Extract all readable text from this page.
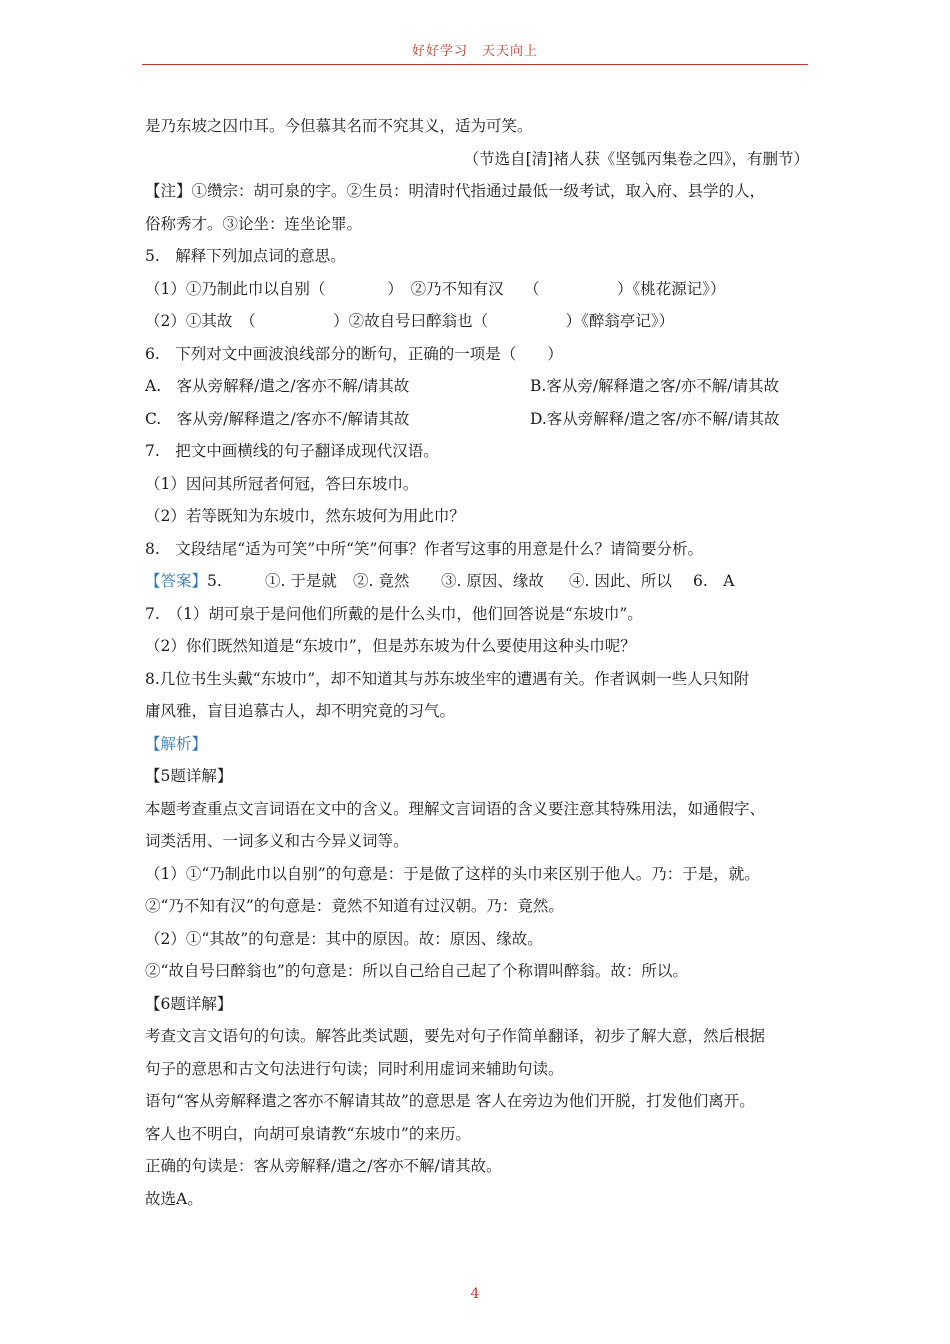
好好学习　天天向上
是乃东坡之囚巾耳。今但慕其名而不究其义，适为可笑。
（节选自[清]褚人获《坚瓠丙集卷之四》，有删节）
【注】①缵宗：胡可泉的字。②生员：明清时代指通过最低一级考试，取入府、县学的人，
俗称秀才。③论坐：连坐论罪。
5.　解释下列加点词的意思。
（1）①乃制此巾以自别（　　　　）　②乃不知有汉　 （　　　　　）《桃花源记》）
（2）①其故　（　　　　　）②故自号曰醉翁也（　　　　　）《醉翁亭记》）
6.　下列对文中画波浪线部分的断句，正确的一项是（　　）
A.　客从旁解释/遣之/客亦不解/请其故	B.客从旁/解释遣之客/亦不解/请其故
C.　客从旁/解释遣之/客亦不/解请其故	D.客从旁解释/遣之客/亦不解/请其故
7.　把文中画横线的句子翻译成现代汉语。
（1）因问其所冠者何冠，答曰东坡巾。
（2）若等既知为东坡巾，然东坡何为用此巾？
8.　文段结尾“适为可笑”中所“笑”何事？作者写这事的用意是什么？请简要分析。
【答案】 5.	①. 于是就	②. 竟然	③. 原因、缘故	④. 因此、所以	6.　A
7.　（1）胡可泉于是问他们所戴的是什么头巾，他们回答说是“东坡巾”。
（2）你们既然知道是“东坡巾”，但是苏东坡为什么要使用这种头巾呢？
8.几位书生头戴“东坡巾”，却不知道其与苏东坡坐牢的遭遇有关。作者讽刺一些人只知附
庸风雅，盲目追慕古人，却不明究竟的习气。
【解析】
【5题详解】
本题考查重点文言词语在文中的含义。理解文言词语的含义要注意其特殊用法，如通假字、
词类活用、一词多义和古今异义词等。
（1）①“乃制此巾以自别”的句意是：于是做了这样的头巾来区别于他人。乃：于是，就。
②“乃不知有汉”的句意是：竟然不知道有过汉朝。乃：竟然。
（2）①“其故”的句意是：其中的原因。故：原因、缘故。
②“故自号曰醉翁也”的句意是：所以自己给自己起了个称谓叫醉翁。故：所以。
【6题详解】
考查文言文语句的句读。解答此类试题，要先对句子作简单翻译，初步了解大意，然后根据
句子的意思和古文句法进行句读；同时利用虚词来辅助句读。
语句“客从旁解释遣之客亦不解请其故”的意思是 客人在旁边为他们开脱，打发他们离开。
客人也不明白，向胡可泉请教“东坡巾”的来历。
正确的句读是：客从旁解释/遣之/客亦不解/请其故。
故选A。
4
